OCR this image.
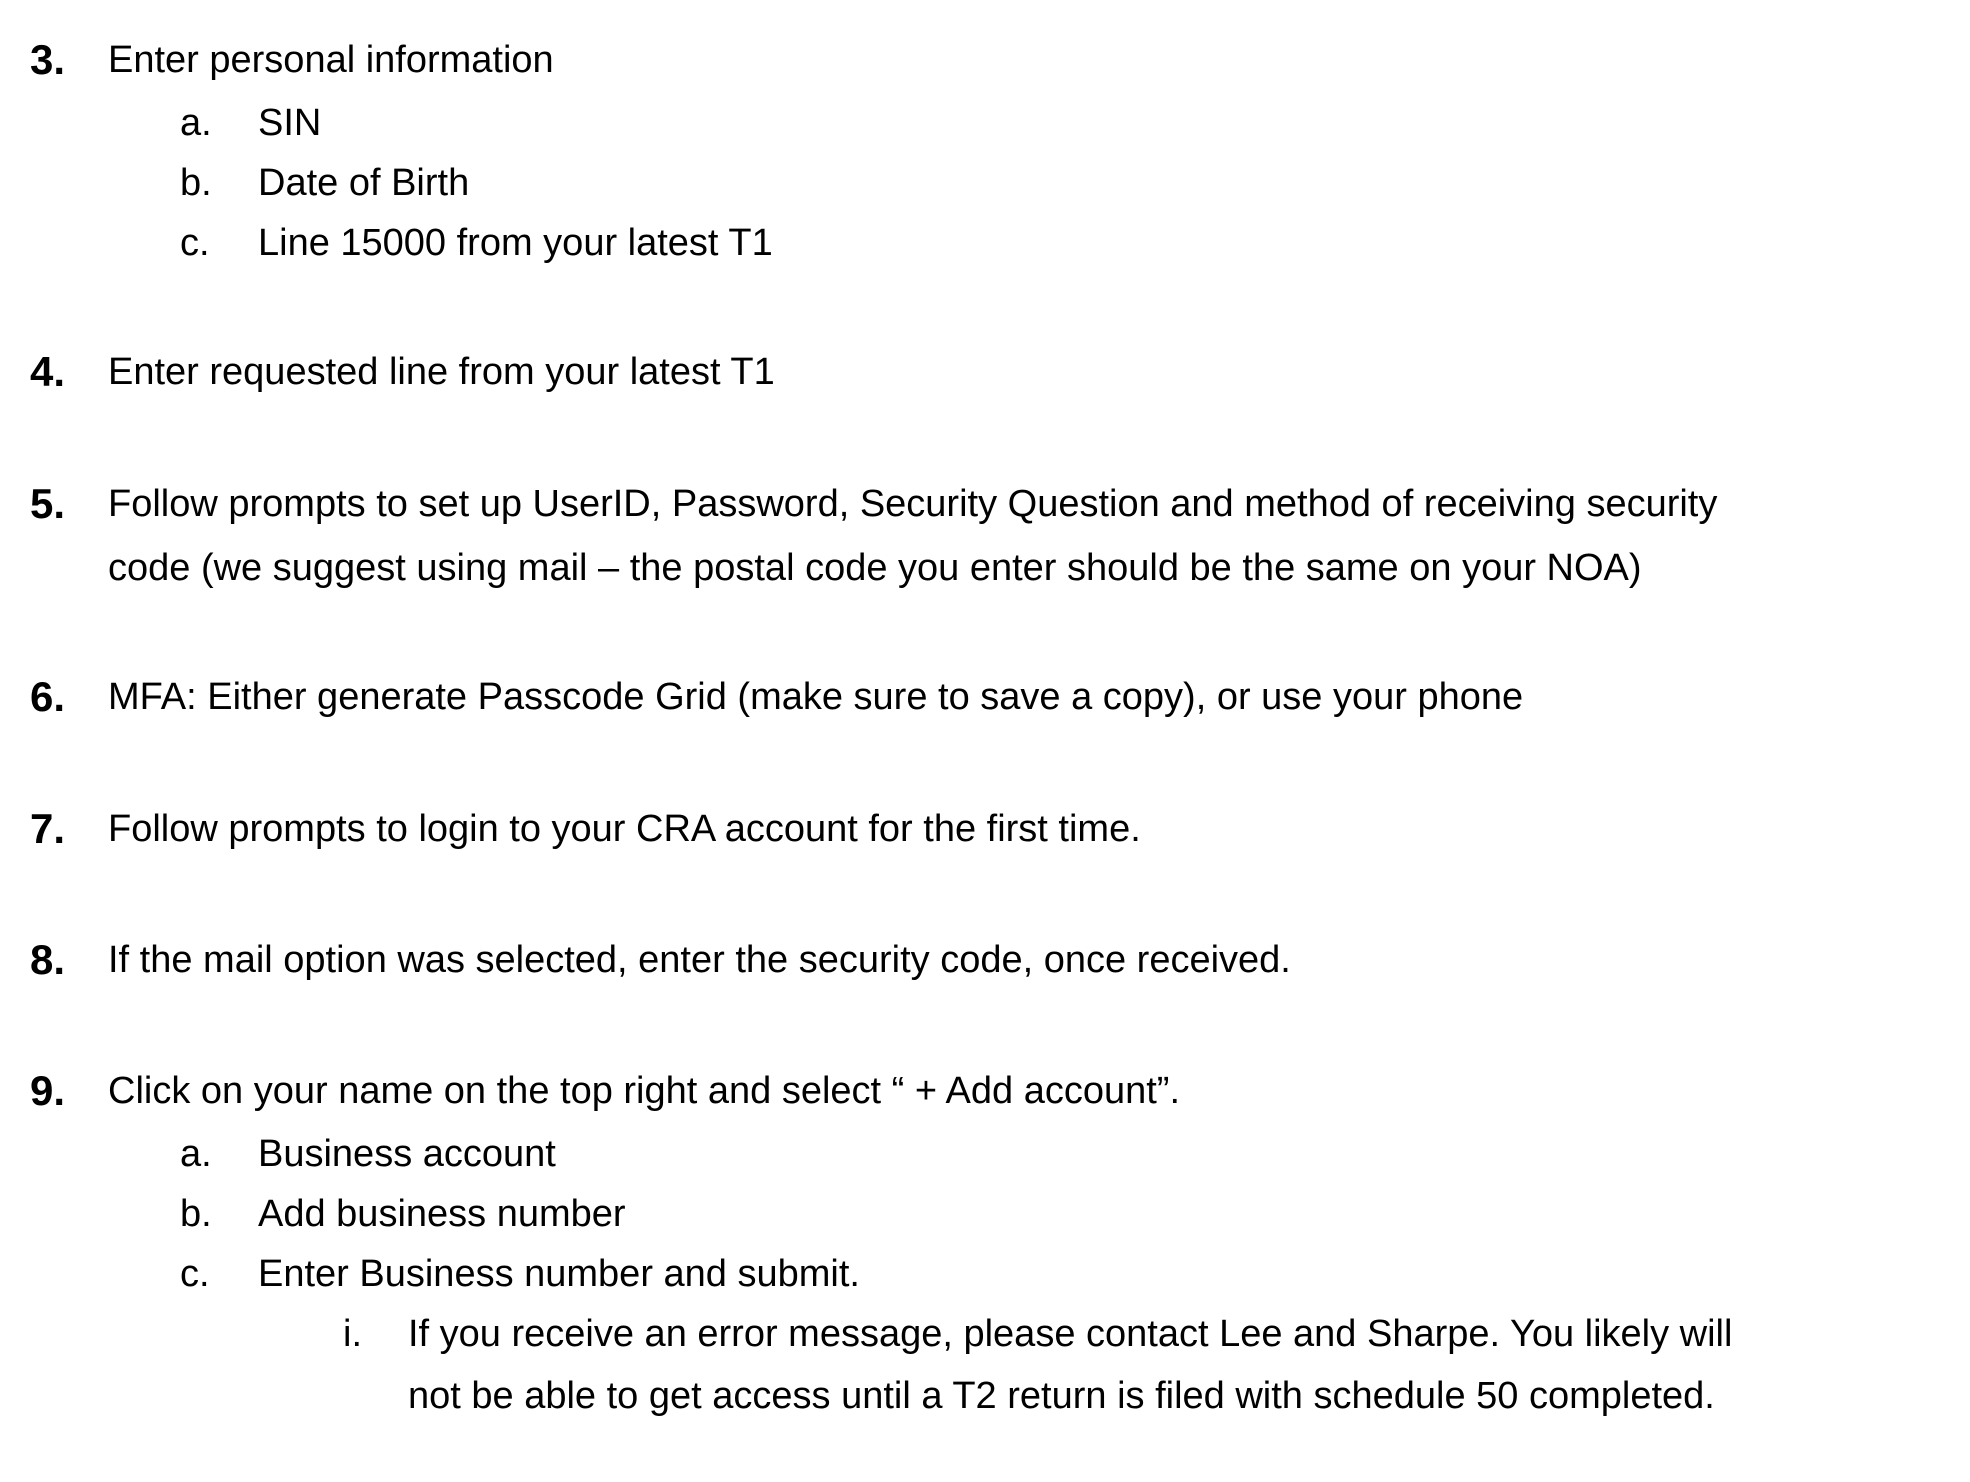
3. Enter personal information
a. SIN
b. Date of Birth
c. Line 15000 from your latest T1
4. Enter requested line from your latest T1
5. Follow prompts to set up UserID, Password, Security Question and method of receiving security
code (we suggest using mail – the postal code you enter should be the same on your NOA)
6. MFA: Either generate Passcode Grid (make sure to save a copy), or use your phone
7. Follow prompts to login to your CRA account for the first time.
8. If the mail option was selected, enter the security code, once received.
9. Click on your name on the top right and select “ + Add account”.
a. Business account
b. Add business number
c. Enter Business number and submit.
i. If you receive an error message, please contact Lee and Sharpe. You likely will
not be able to get access until a T2 return is filed with schedule 50 completed.
